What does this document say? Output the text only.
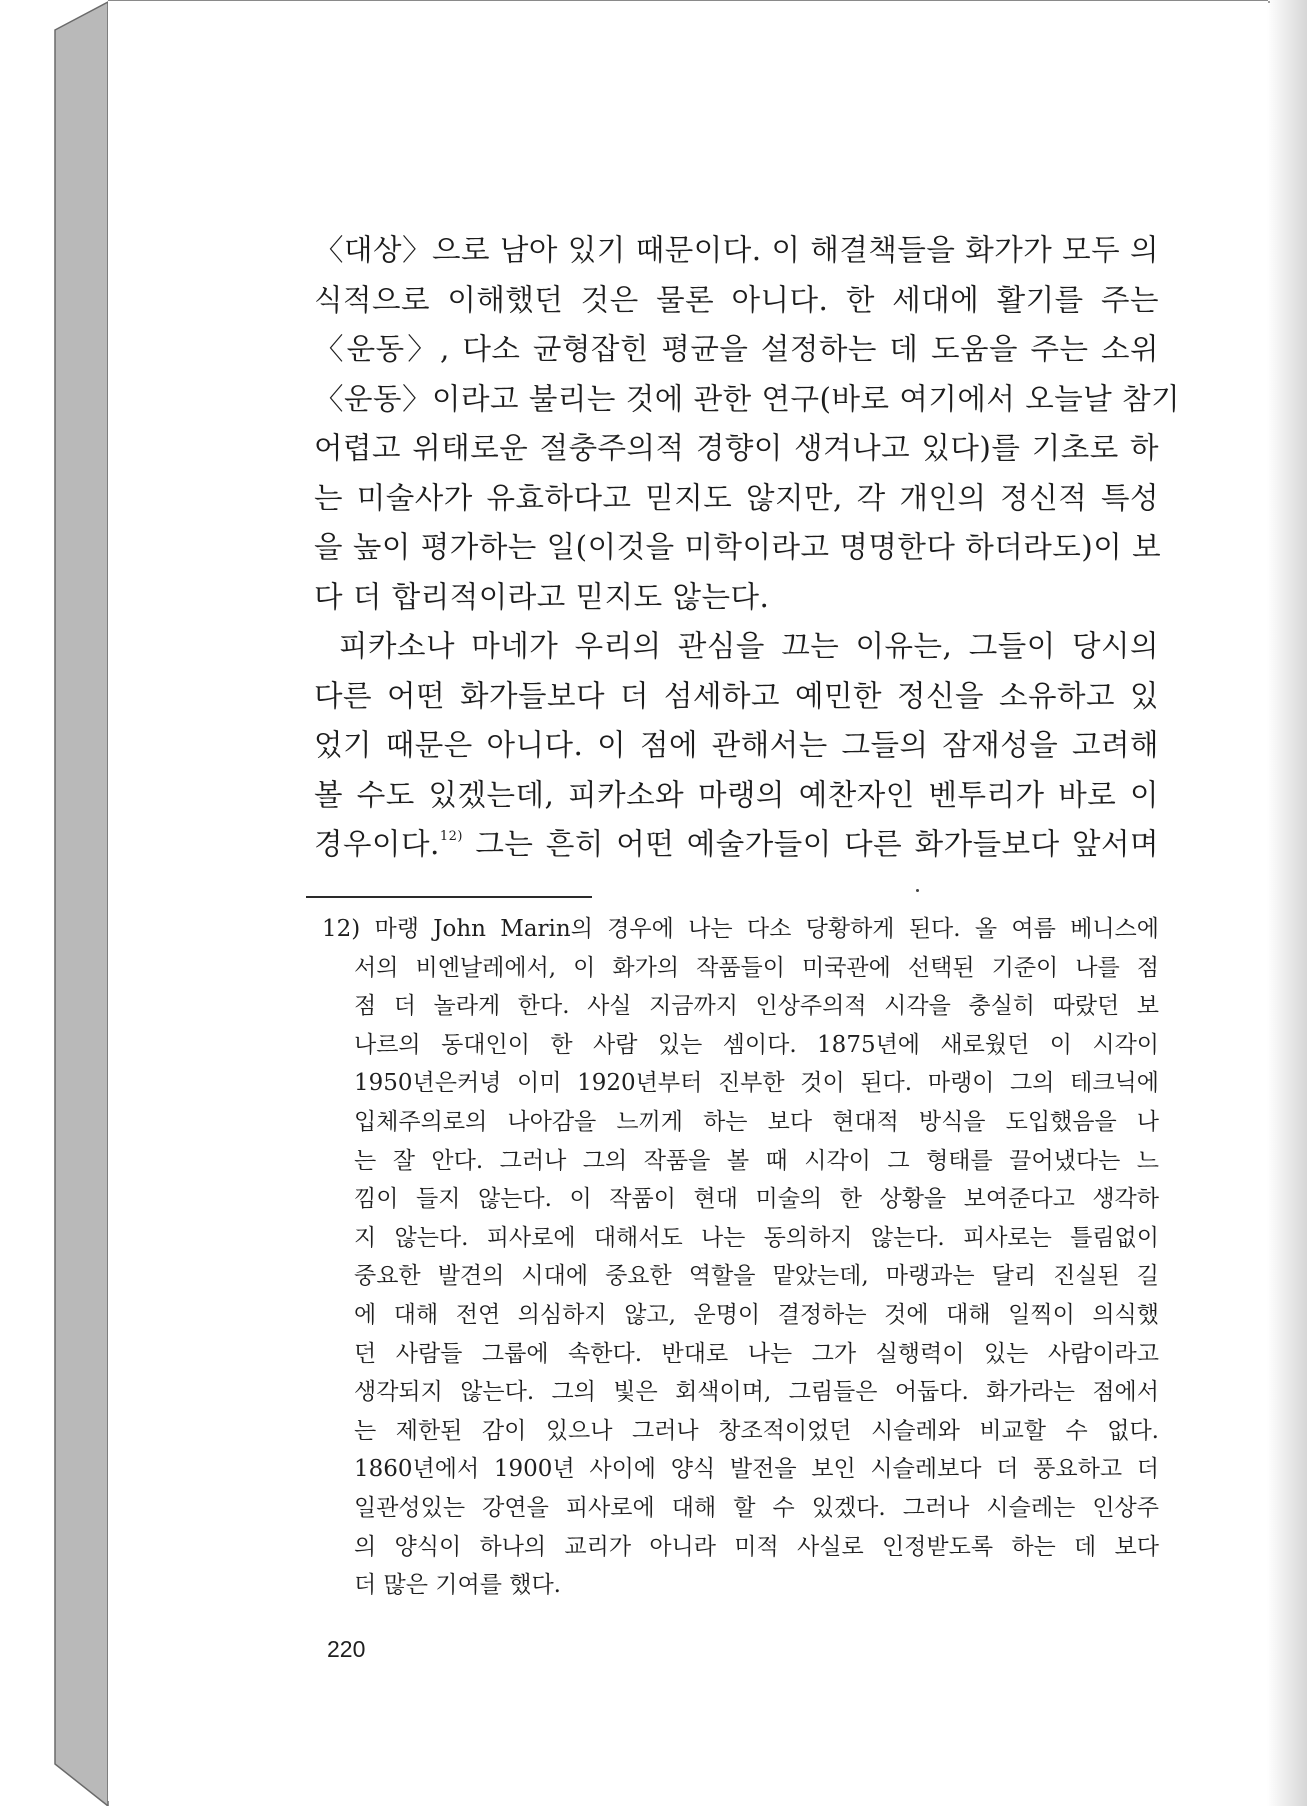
〈대상〉으로 남아 있기 때문이다. 이 해결책들을 화가가 모두 의
식적으로 이해했던 것은 물론 아니다. 한 세대에 활기를 주는
〈운동〉, 다소 균형잡힌 평균을 설정하는 데 도움을 주는 소위
〈운동〉이라고 불리는 것에 관한 연구(바로 여기에서 오늘날 참기
어렵고 위태로운 절충주의적 경향이 생겨나고 있다)를 기초로 하
는 미술사가 유효하다고 믿지도 않지만, 각 개인의 정신적 특성
을 높이 평가하는 일(이것을 미학이라고 명명한다 하더라도)이 보
다 더 합리적이라고 믿지도 않는다.
피카소나 마네가 우리의 관심을 끄는 이유는, 그들이 당시의
다른 어떤 화가들보다 더 섬세하고 예민한 정신을 소유하고 있
었기 때문은 아니다. 이 점에 관해서는 그들의 잠재성을 고려해
볼 수도 있겠는데, 피카소와 마랭의 예찬자인 벤투리가 바로 이
경우이다.$^{12)}$ 그는 흔히 어떤 예술가들이 다른 화가들보다 앞서며
12) 마랭 John Marin의 경우에 나는 다소 당황하게 된다. 올 여름 베니스에
서의 비엔날레에서, 이 화가의 작품들이 미국관에 선택된 기준이 나를 점
점 더 놀라게 한다. 사실 지금까지 인상주의적 시각을 충실히 따랐던 보
나르의 동대인이 한 사람 있는 셈이다. 1875년에 새로웠던 이 시각이
1950년은커녕 이미 1920년부터 진부한 것이 된다. 마랭이 그의 테크닉에
입체주의로의 나아감을 느끼게 하는 보다 현대적 방식을 도입했음을 나
는 잘 안다. 그러나 그의 작품을 볼 때 시각이 그 형태를 끌어냈다는 느
낌이 들지 않는다. 이 작품이 현대 미술의 한 상황을 보여준다고 생각하
지 않는다. 피사로에 대해서도 나는 동의하지 않는다. 피사로는 틀림없이
중요한 발견의 시대에 중요한 역할을 맡았는데, 마랭과는 달리 진실된 길
에 대해 전연 의심하지 않고, 운명이 결정하는 것에 대해 일찍이 의식했
던 사람들 그룹에 속한다. 반대로 나는 그가 실행력이 있는 사람이라고
생각되지 않는다. 그의 빛은 회색이며, 그림들은 어둡다. 화가라는 점에서
는 제한된 감이 있으나 그러나 창조적이었던 시슬레와 비교할 수 없다.
1860년에서 1900년 사이에 양식 발전을 보인 시슬레보다 더 풍요하고 더
일관성있는 강연을 피사로에 대해 할 수 있겠다. 그러나 시슬레는 인상주
의 양식이 하나의 교리가 아니라 미적 사실로 인정받도록 하는 데 보다
더 많은 기여를 했다.
220
